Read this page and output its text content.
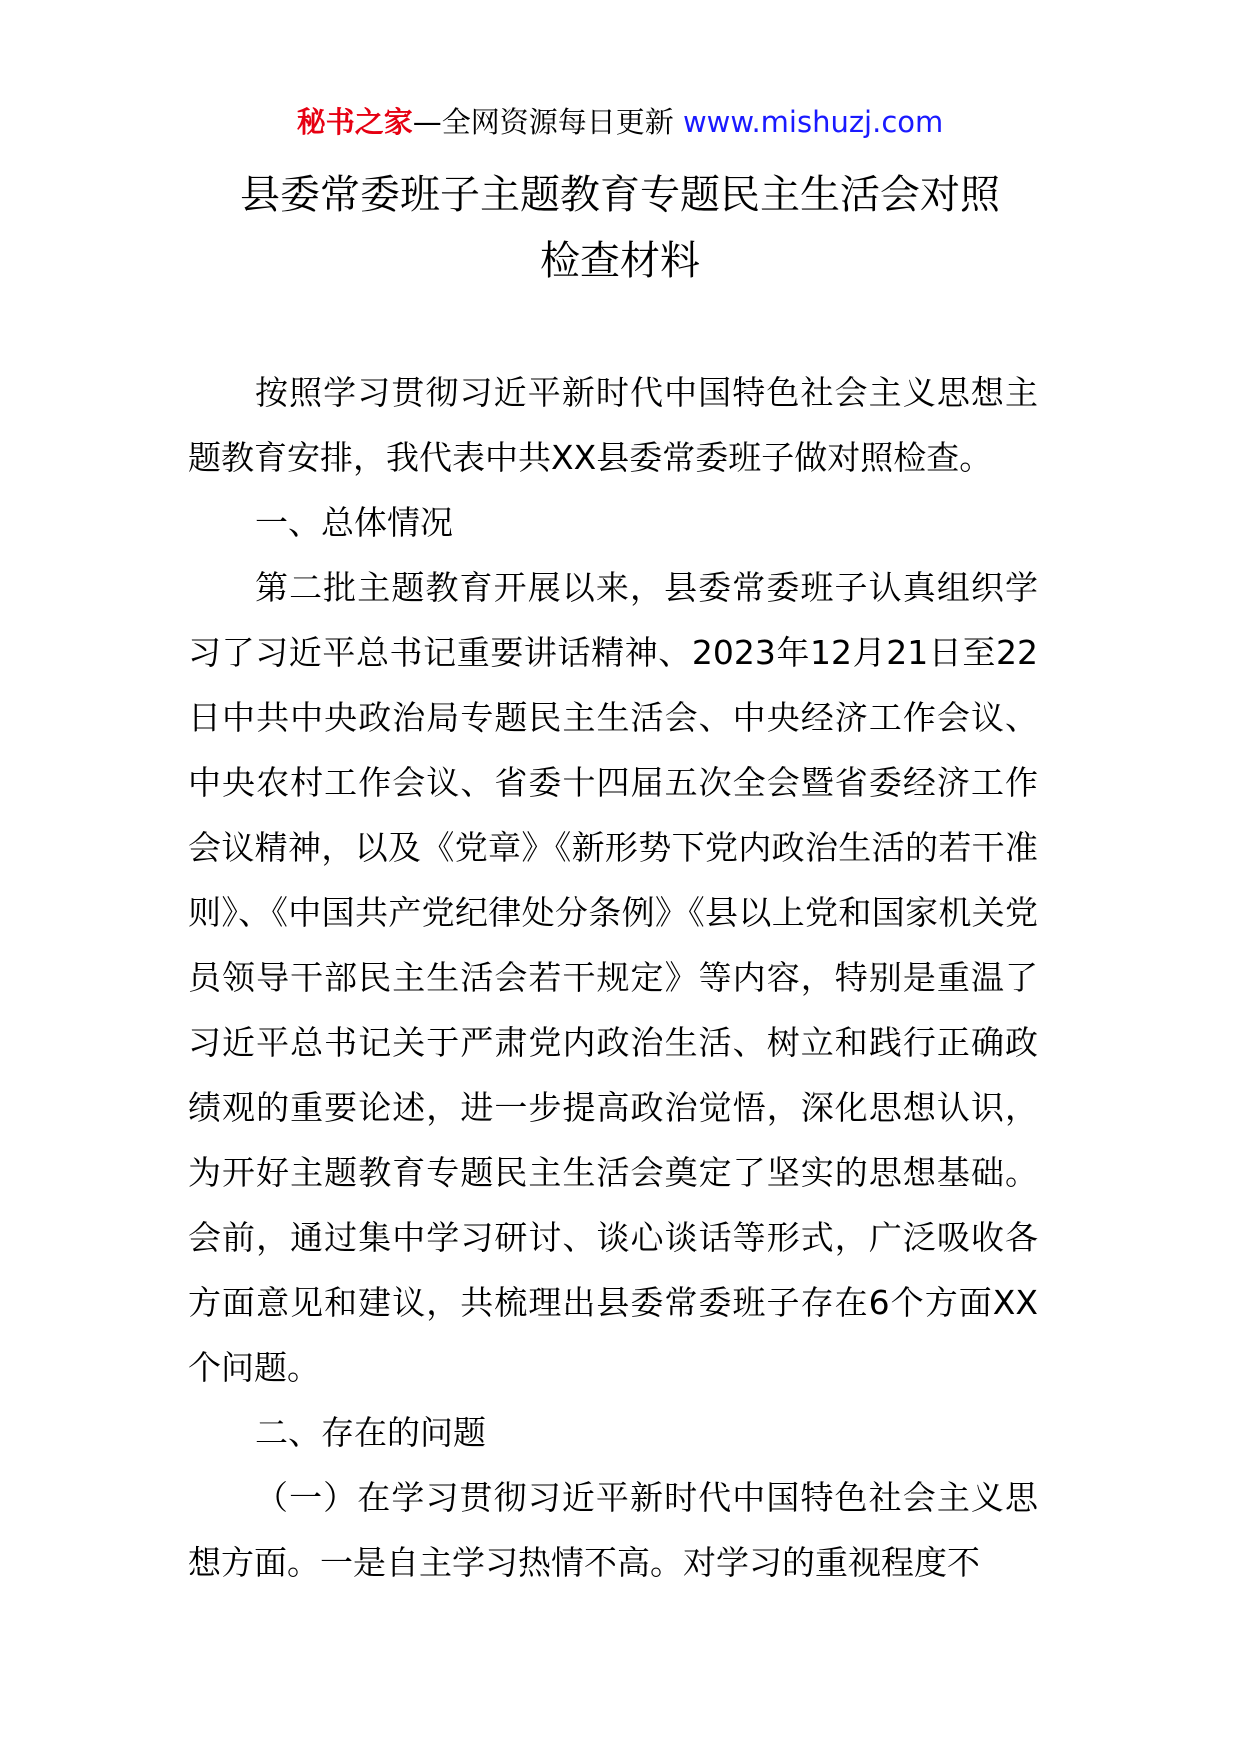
秘书之家—全网资源每日更新 www.mishuzj.com
县委常委班子主题教育专题民主生活会对照
检查材料

按照学习贯彻习近平新时代中国特色社会主义思想主题教育安排，我代表中共XX县委常委班子做对照检查。

一、总体情况

第二批主题教育开展以来，县委常委班子认真组织学习了习近平总书记重要讲话精神、2023年12月21日至22日中共中央政治局专题民主生活会、中央经济工作会议、中央农村工作会议、省委十四届五次全会暨省委经济工作会议精神，以及《党章》《新形势下党内政治生活的若干准则》、《中国共产党纪律处分条例》《县以上党和国家机关党员领导干部民主生活会若干规定》等内容，特别是重温了习近平总书记关于严肃党内政治生活、树立和践行正确政绩观的重要论述，进一步提高政治觉悟，深化思想认识，为开好主题教育专题民主生活会奠定了坚实的思想基础。会前，通过集中学习研讨、谈心谈话等形式，广泛吸收各方面意见和建议，共梳理出县委常委班子存在6个方面XX个问题。

二、存在的问题

（一）在学习贯彻习近平新时代中国特色社会主义思想方面。一是自主学习热情不高。对学习的重视程度不
